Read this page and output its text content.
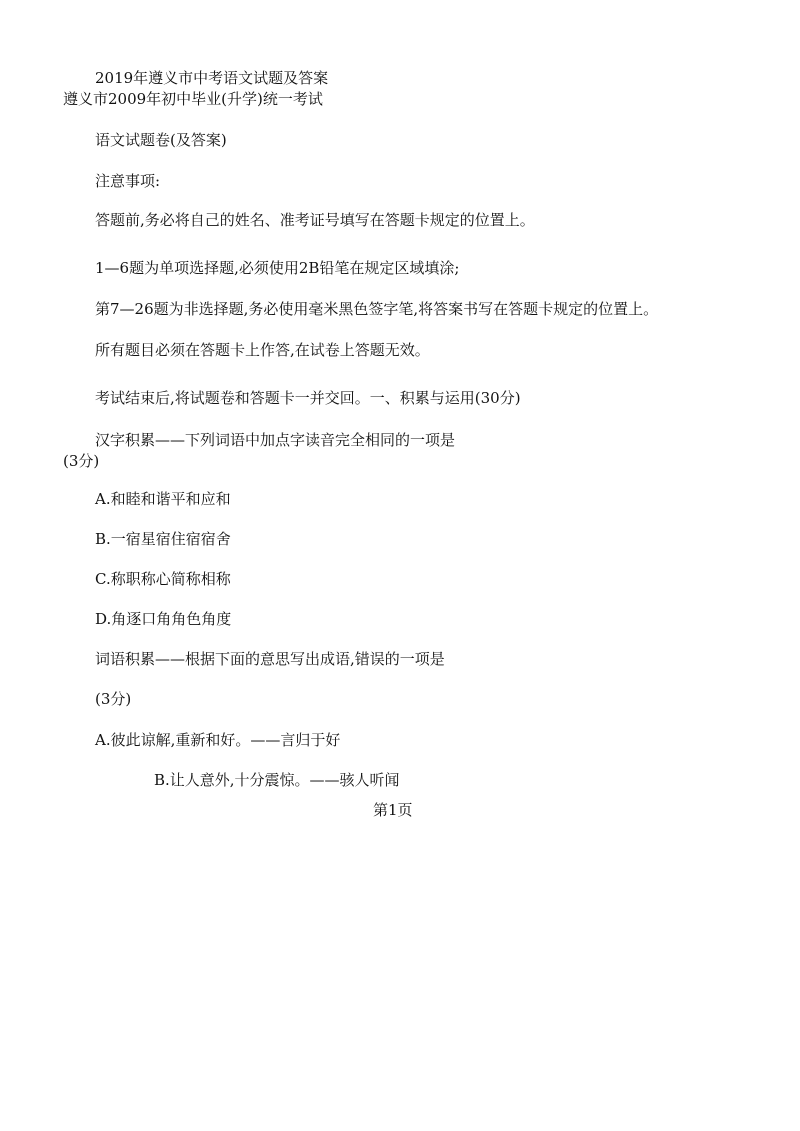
2019年遵义市中考语文试题及答案
遵义市2009年初中毕业(升学)统一考试
语文试题卷(及答案)
注意事项:
答题前,务必将自己的姓名、准考证号填写在答题卡规定的位置上。
1—6题为单项选择题,必须使用2B铅笔在规定区域填涂;
第7—26题为非选择题,务必使用毫米黑色签字笔,将答案书写在答题卡规定的位置上。
所有题目必须在答题卡上作答,在试卷上答题无效。
考试结束后,将试题卷和答题卡一并交回。一、积累与运用(30分)
汉字积累——下列词语中加点字读音完全相同的一项是
(3分)
A.和睦和谐平和应和
B.一宿星宿住宿宿舍
C.称职称心简称相称
D.角逐口角角色角度
词语积累——根据下面的意思写出成语,错误的一项是
(3分)
A.彼此谅解,重新和好。——言归于好
B.让人意外,十分震惊。——骇人听闻
第1页
